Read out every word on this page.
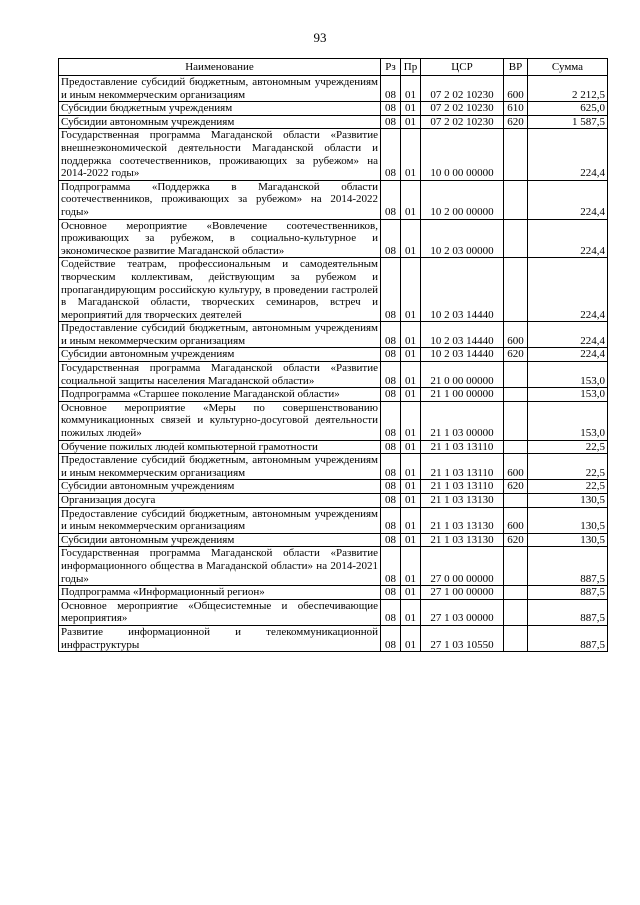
93
Наименование	Рз	Пр	ЦСР	ВР	Сумма
Предоставление субсидий бюджетным, автономным учреждениям и иным некоммерческим организациям	08	01	07 2 02 10230	600	2 212,5
Субсидии бюджетным учреждениям	08	01	07 2 02 10230	610	625,0
Субсидии автономным учреждениям	08	01	07 2 02 10230	620	1 587,5
Государственная программа Магаданской области «Развитие внешнеэкономической деятельности Магаданской области и поддержка соотечественников, проживающих за рубежом» на 2014-2022 годы»	08	01	10 0 00 00000		224,4
Подпрограмма «Поддержка в Магаданской области соотечественников, проживающих за рубежом» на 2014-2022 годы»	08	01	10 2 00 00000		224,4
Основное мероприятие «Вовлечение соотечественников, проживающих за рубежом, в социально-культурное и экономическое развитие Магаданской области»	08	01	10 2 03 00000		224,4
Содействие театрам, профессиональным и самодеятельным творческим коллективам, действующим за рубежом и пропагандирующим российскую культуру, в проведении гастролей в Магаданской области, творческих семинаров, встреч и мероприятий для творческих деятелей	08	01	10 2 03 14440		224,4
Предоставление субсидий бюджетным, автономным учреждениям и иным некоммерческим организациям	08	01	10 2 03 14440	600	224,4
Субсидии автономным учреждениям	08	01	10 2 03 14440	620	224,4
Государственная программа Магаданской области «Развитие социальной защиты населения Магаданской области»	08	01	21 0 00 00000		153,0
Подпрограмма «Старшее поколение Магаданской области»	08	01	21 1 00 00000		153,0
Основное мероприятие «Меры по совершенствованию коммуникационных связей и культурно-досуговой деятельности пожилых людей»	08	01	21 1 03 00000		153,0
Обучение пожилых людей компьютерной грамотности	08	01	21 1 03 13110		22,5
Предоставление субсидий бюджетным, автономным учреждениям и иным некоммерческим организациям	08	01	21 1 03 13110	600	22,5
Субсидии автономным учреждениям	08	01	21 1 03 13110	620	22,5
Организация досуга	08	01	21 1 03 13130		130,5
Предоставление субсидий бюджетным, автономным учреждениям и иным некоммерческим организациям	08	01	21 1 03 13130	600	130,5
Субсидии автономным учреждениям	08	01	21 1 03 13130	620	130,5
Государственная программа Магаданской области «Развитие информационного общества в Магаданской области» на 2014-2021 годы»	08	01	27 0 00 00000		887,5
Подпрограмма «Информационный регион»	08	01	27 1 00 00000		887,5
Основное мероприятие «Общесистемные и обеспечивающие мероприятия»	08	01	27 1 03 00000		887,5
Развитие информационной и телекоммуникационной инфраструктуры	08	01	27 1 03 10550		887,5
